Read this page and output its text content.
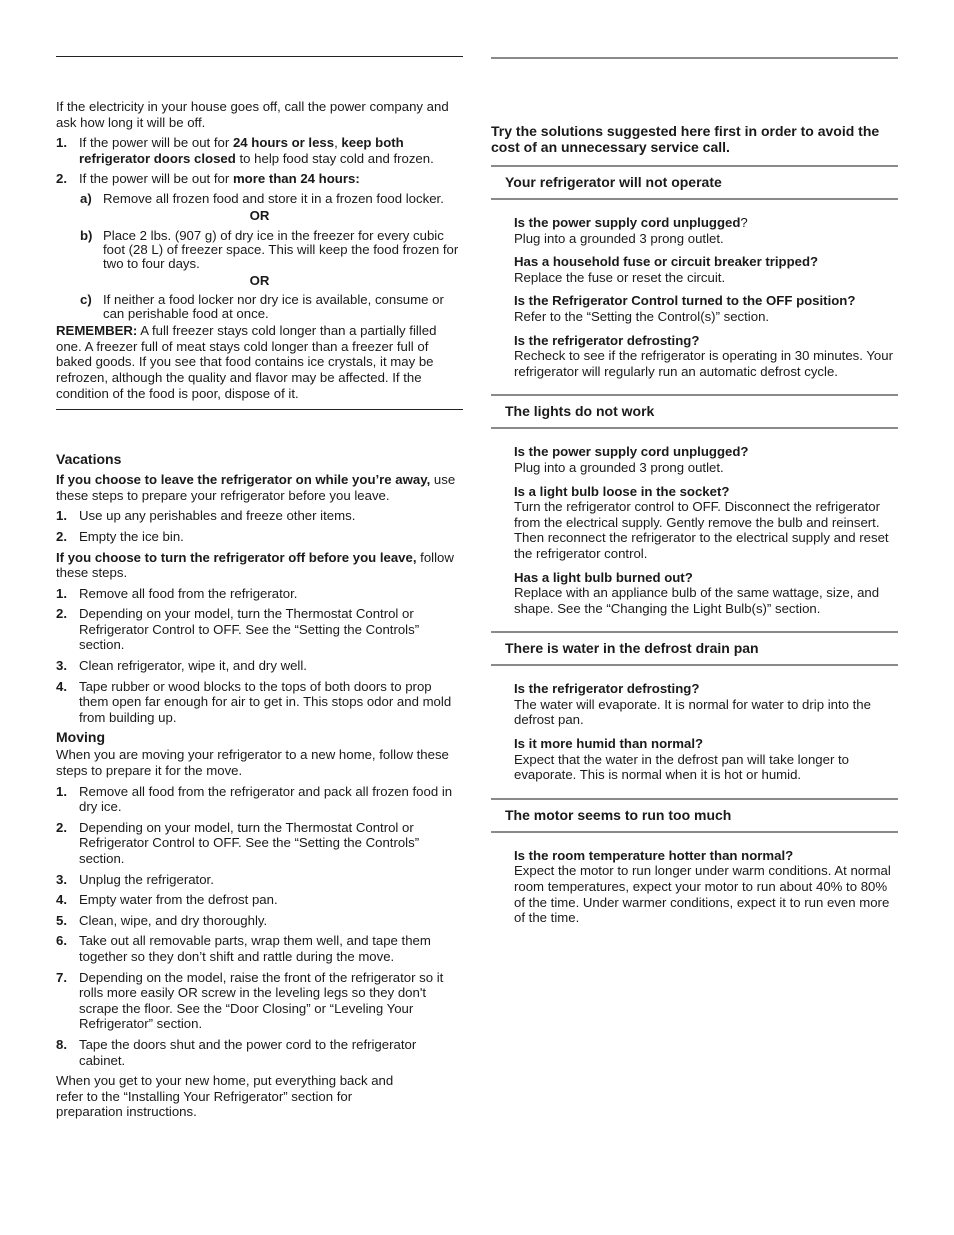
If the electricity in your house goes off, call the power company and ask how long it will be off.

1. If the power will be out for 24 hours or less, keep both refrigerator doors closed to help food stay cold and frozen.
2. If the power will be out for more than 24 hours:
a) Remove all frozen food and store it in a frozen food locker.
OR
b) Place 2 lbs. (907 g) of dry ice in the freezer for every cubic foot (28 L) of freezer space. This will keep the food frozen for two to four days.
OR
c) If neither a food locker nor dry ice is available, consume or can perishable food at once.

REMEMBER: A full freezer stays cold longer than a partially filled one. A freezer full of meat stays cold longer than a freezer full of baked goods. If you see that food contains ice crystals, it may be refrozen, although the quality and flavor may be affected. If the condition of the food is poor, dispose of it.

Vacations

If you choose to leave the refrigerator on while you’re away, use these steps to prepare your refrigerator before you leave.

1. Use up any perishables and freeze other items.
2. Empty the ice bin.

If you choose to turn the refrigerator off before you leave, follow these steps.

1. Remove all food from the refrigerator.
2. Depending on your model, turn the Thermostat Control or Refrigerator Control to OFF. See the “Setting the Controls” section.
3. Clean refrigerator, wipe it, and dry well.
4. Tape rubber or wood blocks to the tops of both doors to prop them open far enough for air to get in. This stops odor and mold from building up.
Moving

When you are moving your refrigerator to a new home, follow these steps to prepare it for the move.

1. Remove all food from the refrigerator and pack all frozen food in dry ice.
2. Depending on your model, turn the Thermostat Control or Refrigerator Control to OFF. See the “Setting the Controls” section.
3. Unplug the refrigerator.
4. Empty water from the defrost pan.
5. Clean, wipe, and dry thoroughly.
6. Take out all removable parts, wrap them well, and tape them together so they don’t shift and rattle during the move.
7. Depending on the model, raise the front of the refrigerator so it rolls more easily OR screw in the leveling legs so they don't scrape the floor. See the “Door Closing” or “Leveling Your Refrigerator” section.
8. Tape the doors shut and the power cord to the refrigerator cabinet.

When you get to your new home, put everything back and refer to the “Installing Your Refrigerator” section for preparation instructions.

Try the solutions suggested here first in order to avoid the cost of an unnecessary service call.

Your refrigerator will not operate

Is the power supply cord unplugged?

Plug into a grounded 3 prong outlet.

Has a household fuse or circuit breaker tripped?

Replace the fuse or reset the circuit.

Is the Refrigerator Control turned to the OFF position?

Refer to the “Setting the Control(s)” section.

Is the refrigerator defrosting?

Recheck to see if the refrigerator is operating in 30 minutes. Your refrigerator will regularly run an automatic defrost cycle.

The lights do not work

Is the power supply cord unplugged?

Plug into a grounded 3 prong outlet.

Is a light bulb loose in the socket?

Turn the refrigerator control to OFF. Disconnect the refrigerator from the electrical supply. Gently remove the bulb and reinsert. Then reconnect the refrigerator to the electrical supply and reset the refrigerator control.

Has a light bulb burned out?

Replace with an appliance bulb of the same wattage, size, and shape. See the “Changing the Light Bulb(s)” section.

There is water in the defrost drain pan

Is the refrigerator defrosting?

The water will evaporate. It is normal for water to drip into the defrost pan.

Is it more humid than normal?

Expect that the water in the defrost pan will take longer to evaporate. This is normal when it is hot or humid.

The motor seems to run too much

Is the room temperature hotter than normal?

Expect the motor to run longer under warm conditions. At normal room temperatures, expect your motor to run about 40% to 80% of the time. Under warmer conditions, expect it to run even more of the time.
